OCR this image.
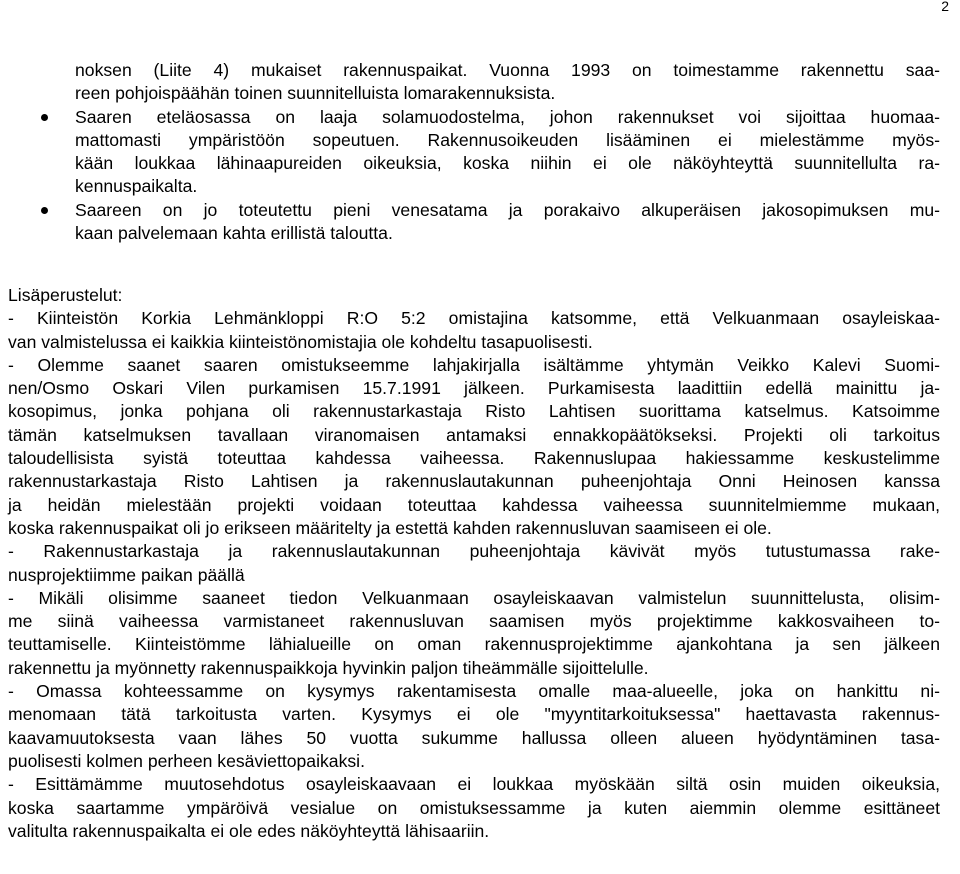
2
noksen (Liite 4) mukaiset rakennuspaikat. Vuonna 1993 on toimestamme rakennettu saa-
reen pohjoispäähän toinen suunnitelluista lomarakennuksista.
Saaren eteläosassa on laaja solamuodostelma, johon rakennukset voi sijoittaa huomaa-
mattomasti ympäristöön sopeutuen. Rakennusoikeuden lisääminen ei mielestämme myös-
kään loukkaa lähinaapureiden oikeuksia, koska niihin ei ole näköyhteyttä suunnitellulta ra-
kennuspaikalta.
Saareen on jo toteutettu pieni venesatama ja porakaivo alkuperäisen jakosopimuksen mu-
kaan palvelemaan kahta erillistä taloutta.
Lisäperustelut:
- Kiinteistön Korkia Lehmänkloppi R:O 5:2 omistajina katsomme, että Velkuanmaan osayleiskaa-
van valmistelussa ei kaikkia kiinteistönomistajia ole kohdeltu tasapuolisesti.
- Olemme saanet saaren omistukseemme lahjakirjalla isältämme yhtymän Veikko Kalevi Suomi-
nen/Osmo Oskari Vilen purkamisen 15.7.1991 jälkeen. Purkamisesta laadittiin edellä mainittu ja-
kosopimus, jonka pohjana oli rakennustarkastaja Risto Lahtisen suorittama katselmus. Katsoimme
tämän katselmuksen tavallaan viranomaisen antamaksi ennakkopäätökseksi. Projekti oli tarkoitus
taloudellisista syistä toteuttaa kahdessa vaiheessa. Rakennuslupaa hakiessamme keskustelimme
rakennustarkastaja Risto Lahtisen ja rakennuslautakunnan puheenjohtaja Onni Heinosen kanssa
ja heidän mielestään projekti voidaan toteuttaa kahdessa vaiheessa suunnitelmiemme mukaan,
koska rakennuspaikat oli jo erikseen määritelty ja estettä kahden rakennusluvan saamiseen ei ole.
- Rakennustarkastaja ja rakennuslautakunnan puheenjohtaja kävivät myös tutustumassa rake-
nusprojektiimme paikan päällä
- Mikäli olisimme saaneet tiedon Velkuanmaan osayleiskaavan valmistelun suunnittelusta, olisim-
me siinä vaiheessa varmistaneet rakennusluvan saamisen myös projektimme kakkosvaiheen to-
teuttamiselle. Kiinteistömme lähialueille on oman rakennusprojektimme ajankohtana ja sen jälkeen
rakennettu ja myönnetty rakennuspaikkoja hyvinkin paljon tiheämmälle sijoittelulle.
- Omassa kohteessamme on kysymys rakentamisesta omalle maa-alueelle, joka on hankittu ni-
menomaan tätä tarkoitusta varten. Kysymys ei ole "myyntitarkoituksessa" haettavasta rakennus-
kaavamuutoksesta vaan lähes 50 vuotta sukumme hallussa olleen alueen hyödyntäminen tasa-
puolisesti kolmen perheen kesäviettopaikaksi.
- Esittämämme muutosehdotus osayleiskaavaan ei loukkaa myöskään siltä osin muiden oikeuksia,
koska saartamme ympäröivä vesialue on omistuksessamme ja kuten aiemmin olemme esittäneet
valitulta rakennuspaikalta ei ole edes näköyhteyttä lähisaariin.
